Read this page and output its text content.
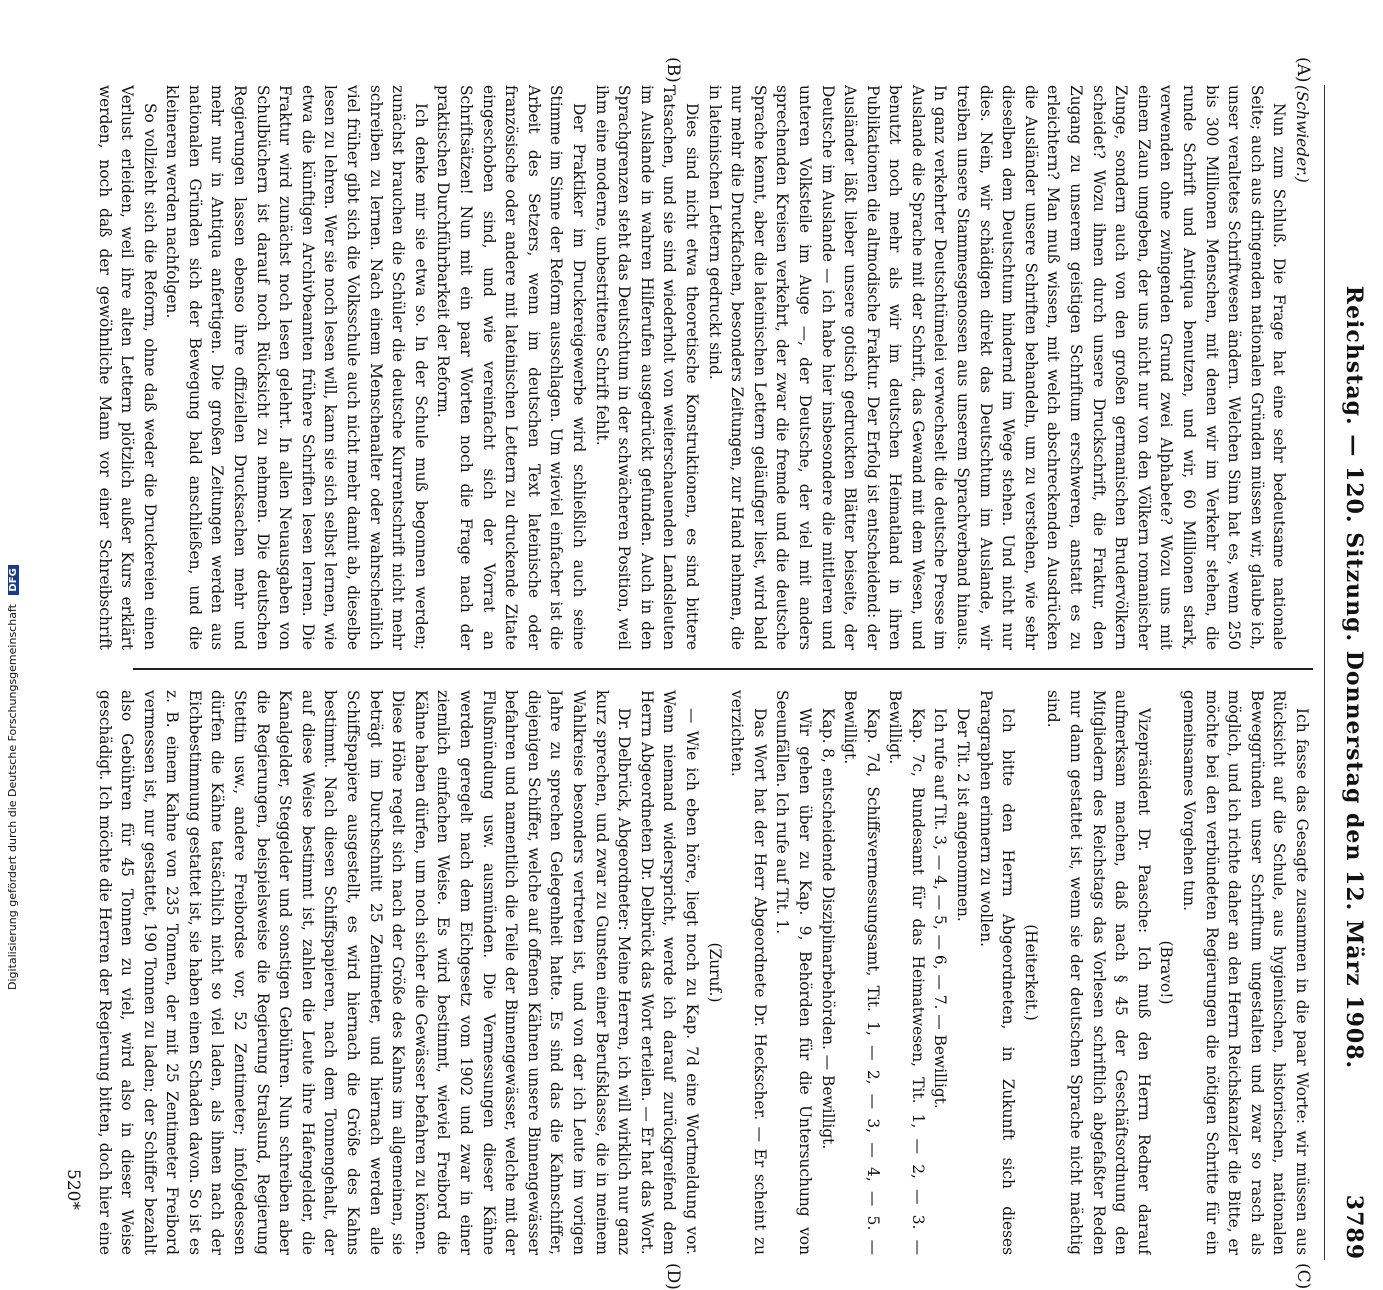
Reichstag. — 120. Sitzung. Donnerstag den 12. März 1908.
3789
(A)
(B)
(C)
(D)

(Schwieder.)

Nun zum Schluß. Die Frage hat eine sehr bedeutsame nationale Seite; auch aus dringenden nationalen Gründen müssen wir, glaube ich, unser veraltetes Schriftwesen ändern. Welchen Sinn hat es, wenn 250 bis 300 Millionen Menschen, mit denen wir im Verkehr stehen, die runde Schrift und Antiqua benutzen, und wir, 60 Millionen stark, verwenden ohne zwingenden Grund zwei Alphabete? Wozu uns mit einem Zaun umgeben, der uns nicht nur von den Völkern romanischer Zunge, sondern auch von den großen germanischen Brudervölkern scheidet? Wozu ihnen durch unsere Druckschrift, die Fraktur, den Zugang zu unserem geistigen Schriftum erschweren, anstatt es zu erleichtern? Man muß wissen, mit welch abschreckenden Ausdrücken die Ausländer unsere Schriften behandeln, um zu verstehen, wie sehr dieselben dem Deutschtum hindernd im Wege stehen. Und nicht nur dies. Nein, wir schädigen direkt das Deutschtum im Auslande, wir treiben unsere Stammesgenossen aus unserem Sprachverband hinaus. In ganz verkehrter Deutschtümelei verwechselt die deutsche Presse im Auslande die Sprache mit der Schrift, das Gewand mit dem Wesen, und benutzt noch mehr als wir im deutschen Heimatland in ihren Publikationen die altmodische Fraktur. Der Erfolg ist entscheidend: der Ausländer läßt lieber unsere gotisch gedruckten Blätter beiseite, der Deutsche im Auslande — ich habe hier insbesondere die mittleren und unteren Volksteile im Auge —, der Deutsche, der viel mit anders sprechenden Kreisen verkehrt, der zwar die fremde und die deutsche Sprache kennt, aber die lateinischen Lettern geläufiger liest, wird bald nur mehr die Druckfachen, besonders Zeitungen, zur Hand nehmen, die in lateinischen Lettern gedruckt sind.

Dies sind nicht etwa theoretische Konstruktionen, es sind bittere Tatsachen, und sie sind wiederholt von weiterschauenden Landsleuten im Auslande in wahren Hilferufen ausgedrückt gefunden. Auch in den Sprachgrenzen steht das Deutschtum in der schwächeren Position, weil ihm eine moderne, unbestrittene Schrift fehlt.

Der Praktiker im Druckereigewerbe wird schließlich auch seine Stimme im Sinne der Reform ausschlagen. Um wieviel einfacher ist die Arbeit des Setzers, wenn im deutschen Text lateinische oder französische oder andere mit lateinischen Lettern zu druckende Zitate eingeschoben sind, und wie vereinfacht sich der Vorrat an Schriftsätzen! Nun mit ein paar Worten noch die Frage nach der praktischen Durchführbarkeit der Reform.

Ich denke mir sie etwa so. In der Schule muß begonnen werden; zunächst brauchen die Schüler die deutsche Kurrentschrift nicht mehr schreiben zu lernen. Nach einem Menschenalter oder wahrscheinlich viel früher gibt sich die Volksschule auch nicht mehr damit ab, dieselbe lesen zu lehren. Wer sie noch lesen will, kann sie sich selbst lernen, wie etwa die künftigen Archivbeamten frühere Schriften lesen lernen. Die Fraktur wird zunächst noch lesen gelehrt. In allen Neuausgaben von Schulbüchern ist darauf noch Rücksicht zu nehmen. Die deutschen Regierungen lassen ebenso ihre offiziellen Drucksachen mehr und mehr nur in Antiqua anfertigen. Die großen Zeitungen werden aus nationalen Gründen sich der Bewegung bald anschließen, und die kleineren werden nachfolgen.

So vollzieht sich die Reform, ohne daß weder die Druckereien einen Verlust erleiden, weil ihre alten Lettern plötzlich außer Kurs erklärt werden, noch daß der gewöhnliche Mann vor einer Schreibschrift

Ich fasse das Gesagte zusammen in die paar Worte: wir müssen aus Rücksicht auf die Schule, aus hygienischen, historischen, nationalen Beweggründen unser Schriftum ungestalten und zwar so rasch als möglich, und ich richte daher an den Herrn Reichskanzler die Bitte, er möchte bei den verbündeten Regierungen die nötigen Schritte für ein gemeinsames Vorgehen tun.

(Bravo!)

Vizepräsident Dr. Paasche: Ich muß den Herrn Redner darauf aufmerksam machen, daß nach § 45 der Geschäftsordnung den Mitgliedern des Reichstags das Vorlesen schriftlich abgefaßter Reden nur dann gestattet ist, wenn sie der deutschen Sprache nicht mächtig sind.

(Heiterkeit.)

Ich bitte den Herrn Abgeordneten, in Zukunft sich dieses Paragraphen erinnern zu wollen.

Der Tit. 2 ist angenommen.

Ich rufe auf Tit. 3, — 4, — 5, — 6, — 7. — Bewilligt.

Kap. 7c, Bundesamt für das Heimatwesen, Tit. 1, — 2, — 3. — Bewilligt.

Kap. 7d, Schiffsvermessungsamt, Tit. 1, — 2, — 3, — 4, — 5. — Bewilligt.

Kap. 8, entscheidende Disziplinarbehörden. — Bewilligt.

Wir gehen über zu Kap. 9, Behörden für die Untersuchung von Seeunfällen. Ich rufe auf Tit. 1.

Das Wort hat der Herr Abgeordnete Dr. Heckscher. — Er scheint zu verzichten.

(Zuruf.)

— Wie ich eben höre, liegt noch zu Kap. 7d eine Wortmeldung vor. Wenn niemand widerspricht, werde ich darauf zurückgreifend dem Herrn Abgeordneten Dr. Delbrück das Wort erteilen. — Er hat das Wort.

Dr. Delbrück, Abgeordneter: Meine Herren, ich will wirklich nur ganz kurz sprechen, und zwar zu Gunsten einer Berufsklasse, die in meinem Wahlkreise besonders vertreten ist, und von der ich Leute im vorigen Jahre zu sprechen Gelegenheit hatte. Es sind das die Kahnschiffer, diejenigen Schiffer, welche auf offenen Kähnen unsere Binnengewässer befahren und namentlich die Teile der Binnengewässer, welche mit der Flußmündung usw. ausmünden. Die Vermessungen dieser Kähne werden geregelt nach dem Eichgesetz vom 1902 und zwar in einer ziemlich einfachen Weise. Es wird bestimmt, wieviel Freibord die Kähne haben dürfen, um noch sicher die Gewässer befahren zu können. Diese Höhe regelt sich nach der Größe des Kahns im allgemeinen, sie beträgt im Durchschnitt 25 Zentimeter, und hiernach werden alle Schiffspapiere ausgestellt, es wird hiernach die Größe des Kahns bestimmt. Nach diesen Schiffspapieren, nach dem Tonnengehalt, der auf diese Weise bestimmt ist, zahlen die Leute ihre Hafengelder, die Kanalgelder, Steggelder und sonstigen Gebühren. Nun schreiben aber die Regierungen, beispielsweise die Regierung Stralsund, Regierung Stettin usw., andere Freibordse vor, 52 Zentimeter; infolgedessen dürfen die Kähne tatsächlich nicht so viel laden, als ihnen nach der Eichbestimmung gestattet ist, sie haben einen Schaden davon. So ist es z. B. einem Kahne von 235 Tonnen, der mit 25 Zentimeter Freibord vermessen ist, nur gestattet, 190 Tonnen zu laden; der Schiffer bezahlt also Gebühren für 45 Tonnen zu viel, wird also in dieser Weise geschädigt. Ich möchte die Herren der Regierung bitten, doch hier eine

520*
Digitalisierung gefördert durch die Deutsche Forschungsgemeinschaft DFG
